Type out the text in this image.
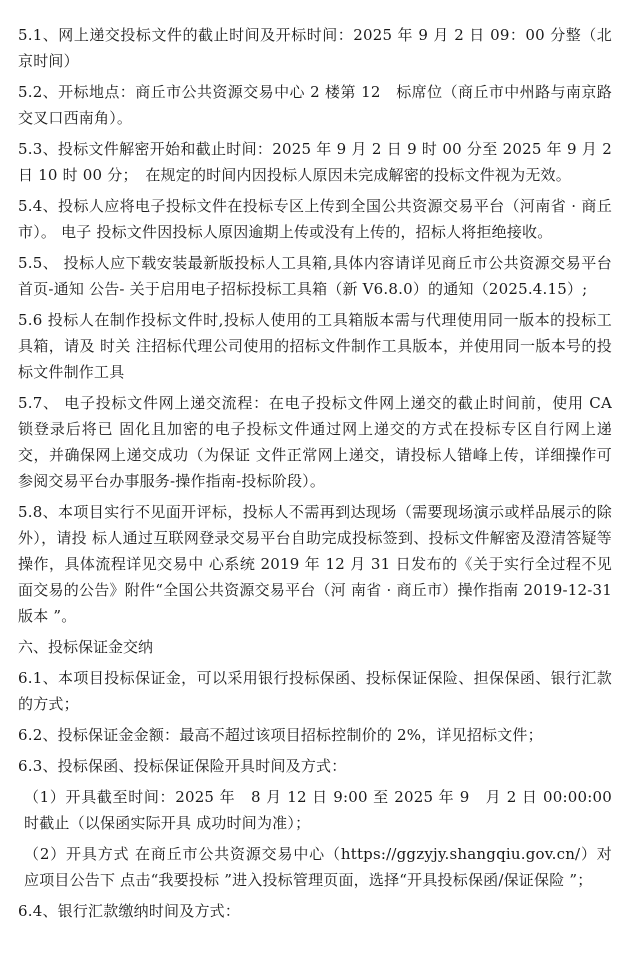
5.1、网上递交投标文件的截止时间及开标时间：2025 年 9 月 2 日 09：00 分整（北京时间）

5.2、开标地点：商丘市公共资源交易中心 2 楼第 12　标席位（商丘市中州路与南京路交叉口西南角）。

5.3、投标文件解密开始和截止时间：2025 年 9 月 2 日 9 时 00 分至 2025 年 9 月 2 日 10 时 00 分；　在规定的时间内因投标人原因未完成解密的投标文件视为无效。

5.4、投标人应将电子投标文件在投标专区上传到全国公共资源交易平台（河南省 · 商丘市）。 电子 投标文件因投标人原因逾期上传或没有上传的，招标人将拒绝接收。

5.5、 投标人应下载安装最新版投标人工具箱,具体内容请详见商丘市公共资源交易平台首页-通知 公告- 关于启用电子招标投标工具箱（新 V6.8.0）的通知（2025.4.15）;

5.6 投标人在制作投标文件时,投标人使用的工具箱版本需与代理使用同一版本的投标工具箱，请及 时关 注招标代理公司使用的招标文件制作工具版本，并使用同一版本号的投标文件制作工具

5.7、 电子投标文件网上递交流程：在电子投标文件网上递交的截止时间前，使用 CA 锁登录后将已 固化且加密的电子投标文件通过网上递交的方式在投标专区自行网上递交，并确保网上递交成功（为保证 文件正常网上递交，请投标人错峰上传，详细操作可参阅交易平台办事服务-操作指南-投标阶段）。

5.8、本项目实行不见面开评标，投标人不需再到达现场（需要现场演示或样品展示的除外），请投 标人通过互联网登录交易平台自助完成投标签到、投标文件解密及澄清答疑等操作，具体流程详见交易中 心系统 2019 年 12 月 31 日发布的《关于实行全过程不见面交易的公告》附件“全国公共资源交易平台（河 南省 · 商丘市）操作指南 2019-12-31 版本 ”。

六、投标保证金交纳

6.1、本项目投标保证金，可以采用银行投标保函、投标保证保险、担保保函、银行汇款的方式；

6.2、投标保证金金额：最高不超过该项目招标控制价的 2%，详见招标文件；

6.3、投标保函、投标保证保险开具时间及方式：

（1）开具截至时间：2025 年　8 月 12 日 9:00 至 2025 年 9　月 2 日 00:00:00 时截止（以保函实际开具 成功时间为准）；

（2）开具方式 在商丘市公共资源交易中心（https://ggzyjy.shangqiu.gov.cn/）对应项目公告下 点击“我要投标 ”进入投标管理页面，选择“开具投标保函/保证保险 ”；

6.4、银行汇款缴纳时间及方式：
